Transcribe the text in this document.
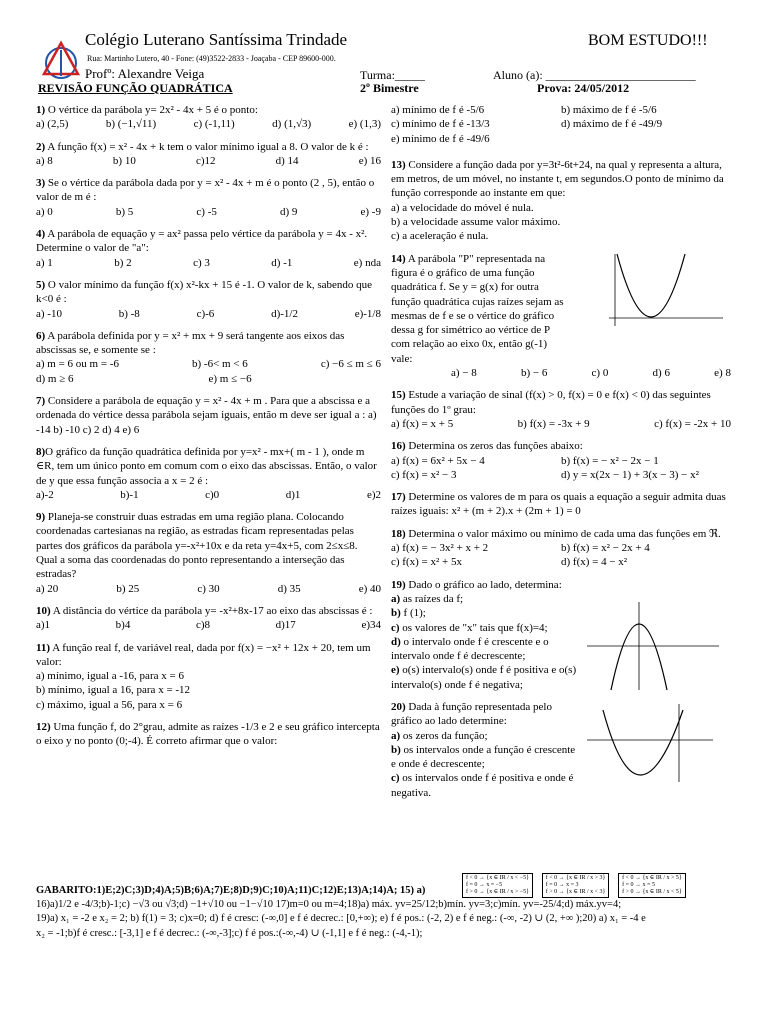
Colégio Luterano Santíssima Trindade
Rua: Martinho Lutero, 40 - Fone: (49)3522-2833 - Joaçaba - CEP 89600-000.
BOM ESTUDO!!!
Profº: Alexandre Veiga	Turma:_____	Aluno (a): _________________________
REVISÃO FUNÇÃO QUADRÁTICA	2º Bimestre	Prova: 24/05/2012
1) O vértice da parábola y= 2x² - 4x + 5 é o ponto:
a) (2,5)	b) (−1,√11)	c) (-1,11)	d) (1,√3)	e) (1,3)
2) A função f(x) = x² - 4x + k tem o valor mínimo igual a 8. O valor de k é :
a) 8	b) 10	c)12	d) 14	e) 16
3) Se o vértice da parábola dada por y = x² - 4x + m é o ponto (2 , 5), então o valor de m é :
a) 0	b) 5	c) -5	d) 9	e) -9
4) A parábola de equação y = ax² passa pelo vértice da parábola y = 4x - x². Determine o valor de "a":
a) 1	b) 2	c) 3	d) -1	e) nda
5) O valor mínimo da função f(x) x²-kx + 15 é -1. O valor de k, sabendo que k<0 é :
a) -10	b) -8	c)-6	d)-1/2	e)-1/8
6) A parábola definida por y = x² + mx + 9 será tangente aos eixos das abscissas se, e somente se :
a) m = 6 ou m = -6	b) -6< m < 6	c) −6 ≤ m ≤ 6
d) m ≥ 6	e) m ≤ −6
7) Considere a parábola de equação y = x² - 4x + m . Para que a abscissa e a ordenada do vértice dessa parábola sejam iguais, então m deve ser igual a : a) -14 b) -10 c) 2 d) 4 e) 6
8)O gráfico da função quadrática definida por y=x² - mx+( m - 1 ), onde m ∈R, tem um único ponto em comum com o eixo das abscissas. Então, o valor de y que essa função associa a x = 2 é :
a)-2	b)-1	c)0	d)1	e)2
9) Planeja-se construir duas estradas em uma região plana. Colocando coordenadas cartesianas na região, as estradas ficam representadas pelas partes dos gráficos da parábola y=-x²+10x e da reta y=4x+5, com 2≤x≤8. Qual a soma das coordenadas do ponto representando a interseção das estradas?
a) 20	b) 25	c) 30	d) 35	e) 40
10) A distância do vértice da parábola y= -x²+8x-17 ao eixo das abscissas é :
a)1	b)4	c)8	d)17	e)34
11) A função real f, de variável real, dada por f(x) = −x² + 12x + 20, tem um valor:
a) mínimo, igual a -16, para x = 6
b) mínimo, igual a 16, para x = -12
c) máximo, igual a 56, para x = 6
12) Uma função f, do 2°grau, admite as raízes -1/3 e 2 e seu gráfico intercepta o eixo y no ponto (0;-4). É correto afirmar que o valor:
a) mínimo de f é -5/6	b) máximo de f é -5/6
c) mínimo de f é -13/3	d) máximo de f é -49/9
e) mínimo de f é -49/6
13) Considere a função dada por y=3t²-6t+24, na qual y representa a altura, em metros, de um móvel, no instante t, em segundos.O ponto de mínimo da função corresponde ao instante em que:
a) a velocidade do móvel é nula.
b) a velocidade assume valor máximo.
c) a aceleração é nula.
14) A parábola "P" representada na figura é o gráfico de uma função quadrática f. Se y = g(x) for outra função quadrática cujas raízes sejam as mesmas de f e se o vértice do gráfico dessa g for simétrico ao vértice de P com relação ao eixo 0x, então g(-1) vale:
a) − 8	b) − 6	c) 0	d) 6	e) 8
15) Estude a variação de sinal (f(x) > 0, f(x) = 0 e f(x) < 0) das seguintes funções do 1º grau:
a) f(x) = x + 5	b) f(x) = -3x + 9	c) f(x) = -2x + 10
16) Determina os zeros das funções abaixo:
a) f(x) = 6x² + 5x − 4	b) f(x) = − x² − 2x − 1
c) f(x) = x² − 3	d) y = x(2x − 1) + 3(x − 3) − x²
17) Determine os valores de m para os quais a equação a seguir admita duas raízes iguais: x² + (m + 2).x + (2m + 1) = 0
18) Determina o valor máximo ou mínimo de cada uma das funções em ℜ.
a) f(x) = − 3x² + x + 2	b) f(x) = x² − 2x + 4
c) f(x) = x² + 5x	d) f(x) = 4 − x²
19) Dado o gráfico ao lado, determina:
a) as raízes da f;
b) f (1);
c) os valores de "x" tais que f(x)=4;
d) o intervalo onde f é crescente e o intervalo onde f é decrescente;
e) o(s) intervalo(s) onde f é positiva e o(s) intervalo(s) onde f é negativa;
20) Dada à função representada pelo gráfico ao lado determine:
a) os zeros da função;
b) os intervalos onde a função é crescente e onde é decrescente;
c) os intervalos onde f é positiva e onde é negativa.
f < 0 → {x ∈ IR / x < −5}
f = 0 → x = −5
f > 0 → {x ∈ IR / x > −5}

f < 0 → {x ∈ IR / x > 3}
f = 0 → x = 3
f > 0 → {x ∈ IR / x < 3}

f < 0 → {x ∈ IR / x > 5}
f = 0 → x = 5
f > 0 → {x ∈ IR / x < 5}
GABARITO:1)E;2)C;3)D;4)A;5)B;6)A;7)E;8)D;9)C;10)A;11)C;12)E;13)A;14)A; 15) a)
16)a)1/2 e -4/3;b)-1;c) −√3 ou √3;d) −1+√10 ou −1−√10 17)m=0 ou m=4;18)a) máx. yv=25/12;b)mín. yv=3;c)mín. yv=-25/4;d) máx.yv=4;
19)a) x₁ = -2 e x₂ = 2; b) f(1) = 3; c)x=0; d) f é cresc: (-∞,0] e f é decrec.: [0,+∞); e) f é pos.: (-2, 2) e f é neg.: (-∞, -2) ∪ (2, +∞ );20) a) x₁ = -4 e
x₂ = -1;b)f é cresc.: [-3,1] e f é decrec.: (-∞,-3];c) f é pos.:(-∞,-4) ∪ (-1,1] e f é neg.: (-4,-1);
